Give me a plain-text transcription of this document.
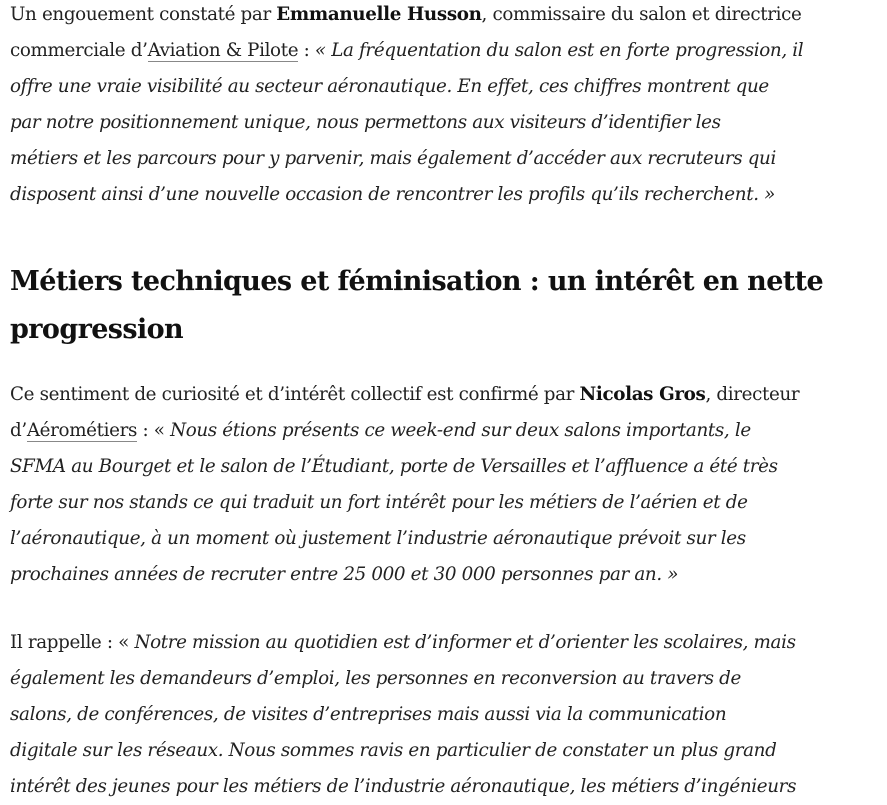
Un engouement constaté par Emmanuelle Husson, commissaire du salon et directrice

commerciale d’Aviation & Pilote : « La fréquentation du salon est en forte progression, il

offre une vraie visibilité au secteur aéronautique. En effet, ces chiffres montrent que

par notre positionnement unique, nous permettons aux visiteurs d’identifier les

métiers et les parcours pour y parvenir, mais également d’accéder aux recruteurs qui

disposent ainsi d’une nouvelle occasion de rencontrer les profils qu’ils recherchent. »

Métiers techniques et féminisation : un intérêt en nette
progression

Ce sentiment de curiosité et d’intérêt collectif est confirmé par Nicolas Gros, directeur

d’Aérométiers : « Nous étions présents ce week-end sur deux salons importants, le

SFMA au Bourget et le salon de l’Étudiant, porte de Versailles et l’affluence a été très

forte sur nos stands ce qui traduit un fort intérêt pour les métiers de l’aérien et de

l’aéronautique, à un moment où justement l’industrie aéronautique prévoit sur les

prochaines années de recruter entre 25 000 et 30 000 personnes par an. »

Il rappelle : « Notre mission au quotidien est d’informer et d’orienter les scolaires, mais

également les demandeurs d’emploi, les personnes en reconversion au travers de

salons, de conférences, de visites d’entreprises mais aussi via la communication

digitale sur les réseaux. Nous sommes ravis en particulier de constater un plus grand

intérêt des jeunes pour les métiers de l’industrie aéronautique, les métiers d’ingénieurs
